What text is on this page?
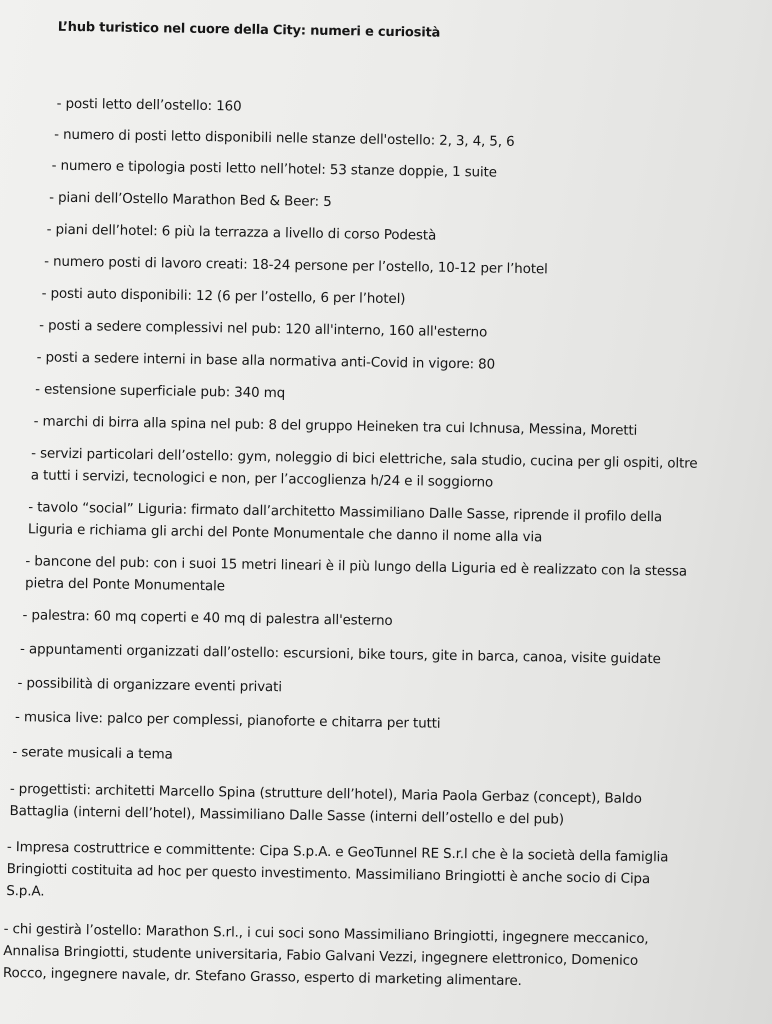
L’hub turistico nel cuore della City: numeri e curiosità
- posti letto dell’ostello: 160
- numero di posti letto disponibili nelle stanze dell'ostello: 2, 3, 4, 5, 6
- numero e tipologia posti letto nell’hotel: 53 stanze doppie, 1 suite
- piani dell’Ostello Marathon Bed & Beer: 5
- piani dell’hotel: 6 più la terrazza a livello di corso Podestà
- numero posti di lavoro creati: 18-24 persone per l’ostello, 10-12 per l’hotel
- posti auto disponibili: 12 (6 per l’ostello, 6 per l’hotel)
- posti a sedere complessivi nel pub: 120 all'interno, 160 all'esterno
- posti a sedere interni in base alla normativa anti-Covid in vigore: 80
- estensione superficiale pub: 340 mq
- marchi di birra alla spina nel pub: 8 del gruppo Heineken tra cui Ichnusa, Messina, Moretti
- servizi particolari dell’ostello: gym, noleggio di bici elettriche, sala studio, cucina per gli ospiti, oltre
a tutti i servizi, tecnologici e non, per l’accoglienza h/24 e il soggiorno
- tavolo “social” Liguria: firmato dall’architetto Massimiliano Dalle Sasse, riprende il profilo della
Liguria e richiama gli archi del Ponte Monumentale che danno il nome alla via
- bancone del pub: con i suoi 15 metri lineari è il più lungo della Liguria ed è realizzato con la stessa
pietra del Ponte Monumentale
- palestra: 60 mq coperti e 40 mq di palestra all'esterno
- appuntamenti organizzati dall’ostello: escursioni, bike tours, gite in barca, canoa, visite guidate
- possibilità di organizzare eventi privati
- musica live: palco per complessi, pianoforte e chitarra per tutti
- serate musicali a tema
- progettisti: architetti Marcello Spina (strutture dell’hotel), Maria Paola Gerbaz (concept), Baldo
Battaglia (interni dell’hotel), Massimiliano Dalle Sasse (interni dell’ostello e del pub)
- Impresa costruttrice e committente: Cipa S.p.A. e GeoTunnel RE S.r.l che è la società della famiglia
Bringiotti costituita ad hoc per questo investimento. Massimiliano Bringiotti è anche socio di Cipa
S.p.A.
- chi gestirà l’ostello: Marathon S.rl., i cui soci sono Massimiliano Bringiotti, ingegnere meccanico,
Annalisa Bringiotti, studente universitaria, Fabio Galvani Vezzi, ingegnere elettronico, Domenico
Rocco, ingegnere navale, dr. Stefano Grasso, esperto di marketing alimentare.
